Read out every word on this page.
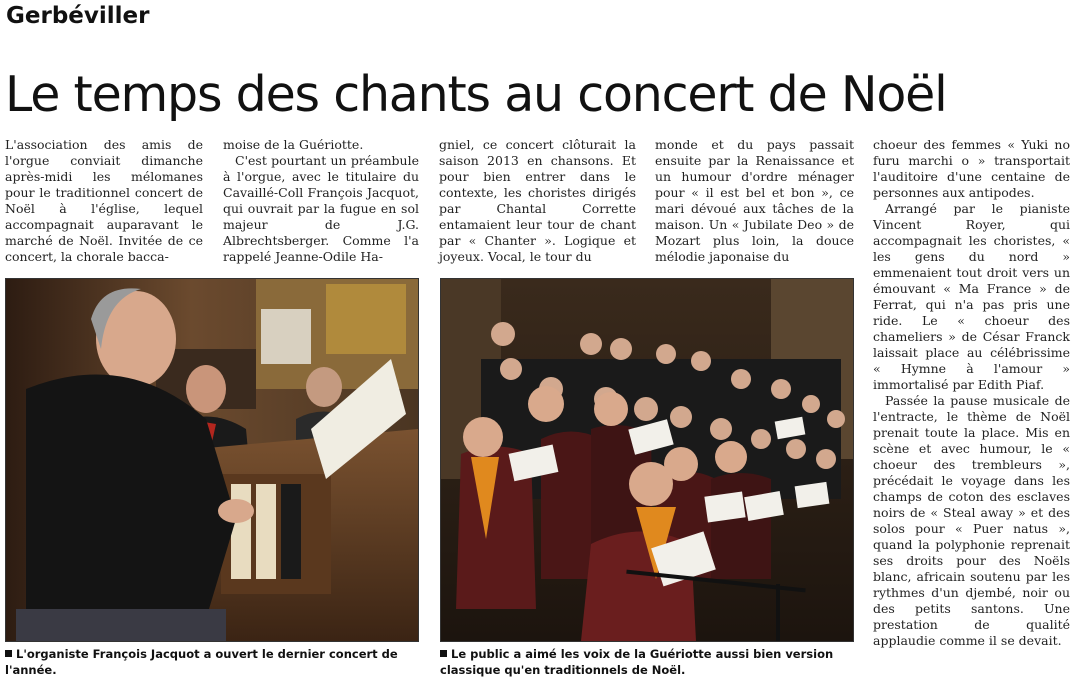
Gerbéviller
Le temps des chants au concert de Noël

L'association des amis de l'orgue conviait dimanche après-midi les mélomanes pour le traditionnel concert de Noël à l'église, lequel accompagnait auparavant le marché de Noël. Invitée de ce concert, la chorale bacca-

moise de la Guériotte.

C'est pourtant un préambule à l'orgue, avec le titulaire du Cavaillé-Coll François Jacquot, qui ouvrait par la fugue en sol majeur de J.G. Albrechtsberger. Comme l'a rappelé Jeanne-Odile Ha-

gniel, ce concert clôturait la saison 2013 en chansons. Et pour bien entrer dans le contexte, les choristes dirigés par Chantal Corrette entamaient leur tour de chant par « Chanter ». Logique et joyeux. Vocal, le tour du

monde et du pays passait ensuite par la Renaissance et un humour d'ordre ménager pour « il est bel et bon », ce mari dévoué aux tâches de la maison. Un « Jubilate Deo » de Mozart plus loin, la douce mélodie japonaise du

choeur des femmes « Yuki no furu marchi o » transportait l'auditoire d'une centaine de personnes aux antipodes.

Arrangé par le pianiste Vincent Royer, qui accompagnait les choristes, « les gens du nord » emmenaient tout droit vers un émouvant « Ma France » de Ferrat, qui n'a pas pris une ride. Le « choeur des chameliers » de César Franck laissait place au célébrissime « Hymne à l'amour » immortalisé par Edith Piaf.

Passée la pause musicale de l'entracte, le thème de Noël prenait toute la place. Mis en scène et avec humour, le « choeur des trembleurs », précédait le voyage dans les champs de coton des esclaves noirs de « Steal away » et des solos pour « Puer natus », quand la polyphonie reprenait ses droits pour des Noëls blanc, africain soutenu par les rythmes d'un djembé, noir ou des petits santons. Une prestation de qualité applaudie comme il se devait.

L'organiste François Jacquot a ouvert le dernier concert de l'année.
Le public a aimé les voix de la Guériotte aussi bien version classique qu'en traditionnels de Noël.
